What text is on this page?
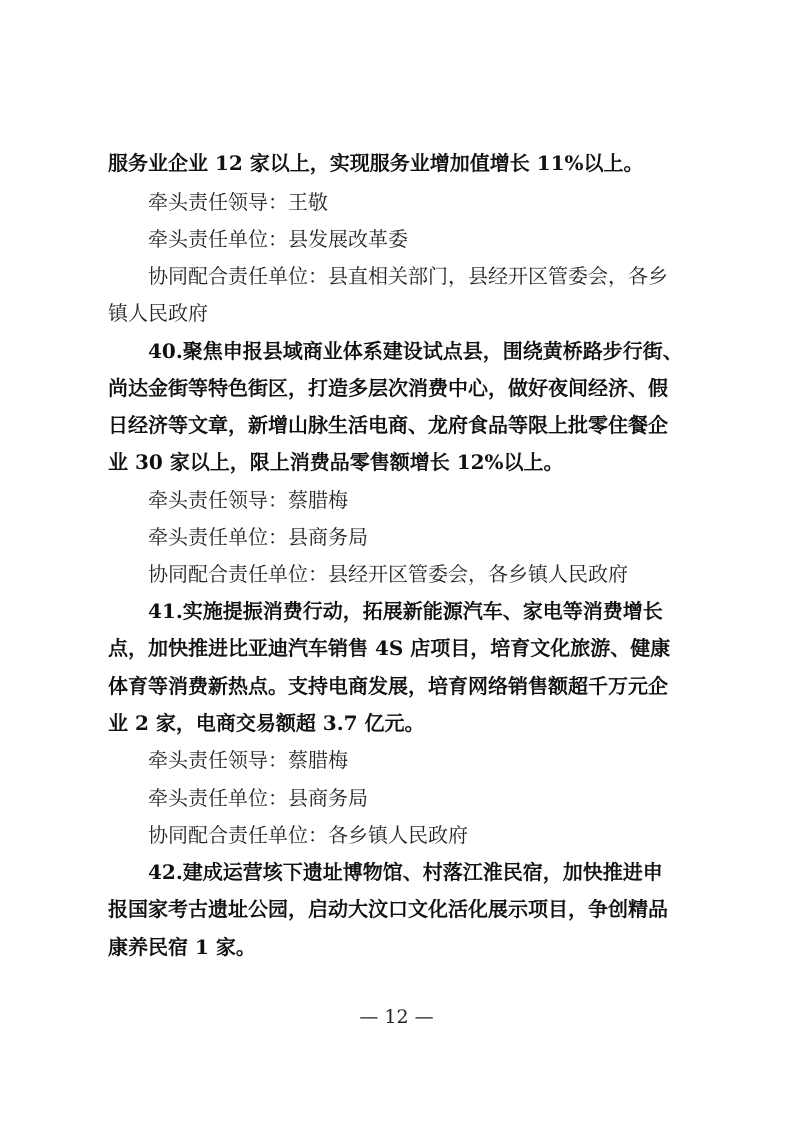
服务业企业 12 家以上，实现服务业增加值增长 11%以上。
牵头责任领导：王敬
牵头责任单位：县发展改革委
协同配合责任单位：县直相关部门，县经开区管委会，各乡
镇人民政府
40.聚焦申报县域商业体系建设试点县，围绕黄桥路步行街、
尚达金街等特色街区，打造多层次消费中心，做好夜间经济、假
日经济等文章，新增山脉生活电商、龙府食品等限上批零住餐企
业 30 家以上，限上消费品零售额增长 12%以上。
牵头责任领导：蔡腊梅
牵头责任单位：县商务局
协同配合责任单位：县经开区管委会，各乡镇人民政府
41.实施提振消费行动，拓展新能源汽车、家电等消费增长
点，加快推进比亚迪汽车销售 4S 店项目，培育文化旅游、健康
体育等消费新热点。支持电商发展，培育网络销售额超千万元企
业 2 家，电商交易额超 3.7 亿元。
牵头责任领导：蔡腊梅
牵头责任单位：县商务局
协同配合责任单位：各乡镇人民政府
42.建成运营垓下遗址博物馆、村落江淮民宿，加快推进申
报国家考古遗址公园，启动大汶口文化活化展示项目，争创精品
康养民宿 1 家。
— 12 —
